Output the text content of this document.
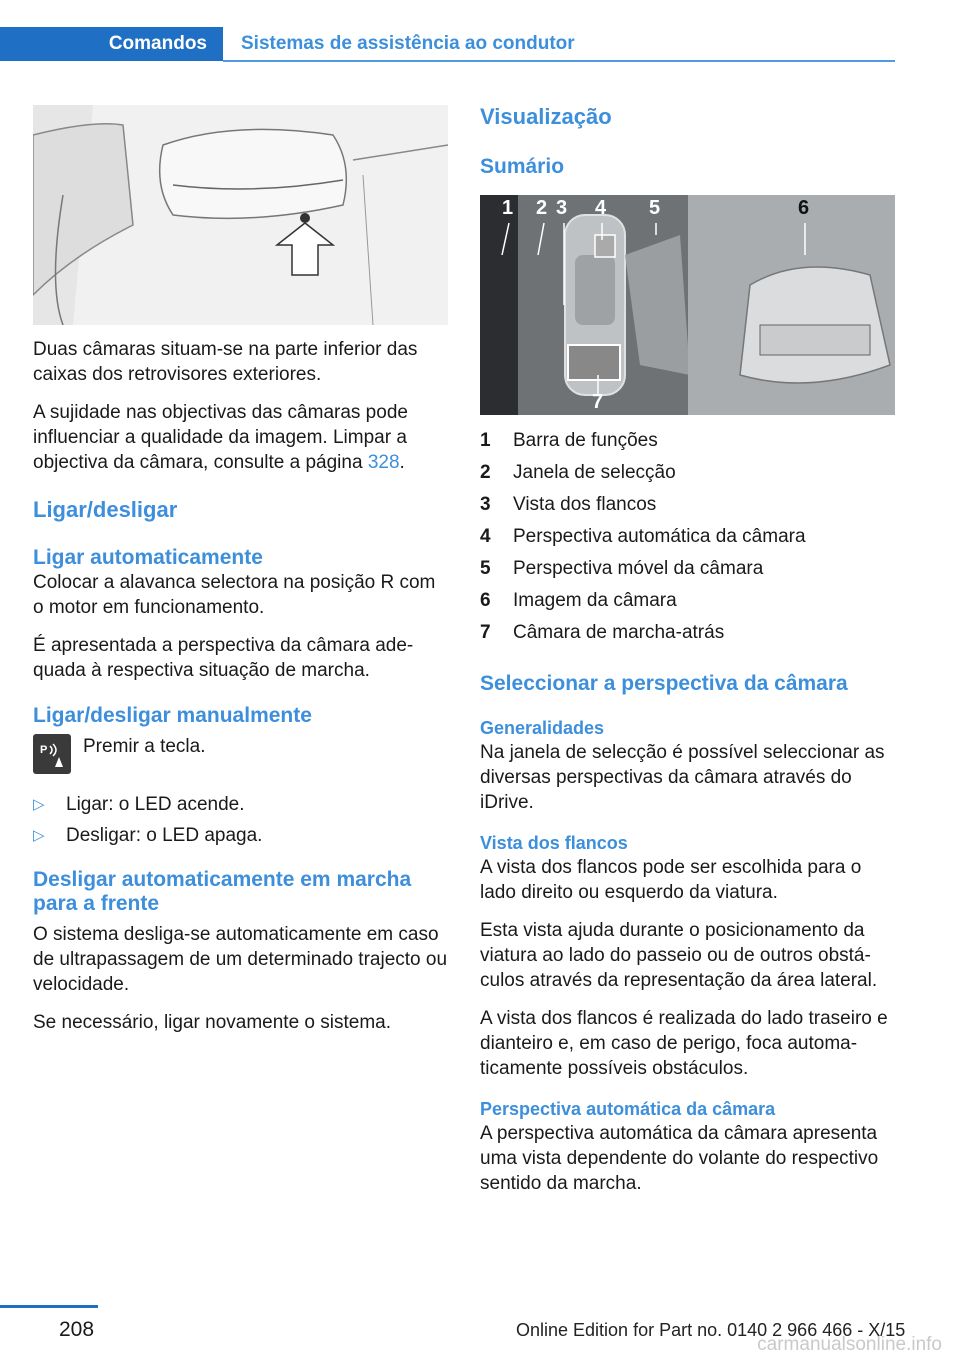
Comandos	Sistemas de assistência ao condutor

Duas câmaras situam-se na parte inferior das caixas dos retrovisores exteriores.

A sujidade nas objectivas das câmaras pode influenciar a qualidade da imagem. Limpar a objectiva da câmara, consulte a página 328.

Ligar/desligar
Ligar automaticamente

Colocar a alavanca selectora na posição R com o motor em funcionamento.

É apresentada a perspectiva da câmara adequada à respectiva situação de marcha.

Ligar/desligar manualmente
P Premir a tecla.
▷	Ligar: o LED acende.
▷	Desligar: o LED apaga.
Desligar automaticamente em marcha para a frente

O sistema desliga-se automaticamente em caso de ultrapassagem de um determinado trajecto ou velocidade.

Se necessário, ligar novamente o sistema.

Visualização
Sumário
1 2 3 4 5	6
7
1	Barra de funções
2	Janela de selecção
3	Vista dos flancos
4	Perspectiva automática da câmara
5	Perspectiva móvel da câmara
6	Imagem da câmara
7	Câmara de marcha-atrás
Seleccionar a perspectiva da câmara
Generalidades

Na janela de selecção é possível seleccionar as diversas perspectivas da câmara através do iDrive.

Vista dos flancos

A vista dos flancos pode ser escolhida para o lado direito ou esquerdo da viatura.

Esta vista ajuda durante o posicionamento da viatura ao lado do passeio ou de outros obstáculos através da representação da área lateral.

A vista dos flancos é realizada do lado traseiro e dianteiro e, em caso de perigo, foca automaticamente possíveis obstáculos.

Perspectiva automática da câmara

A perspectiva automática da câmara apresenta uma vista dependente do volante do respectivo sentido da marcha.

208	Online Edition for Part no. 0140 2 966 466 - X/15
carmanualsonline.info
